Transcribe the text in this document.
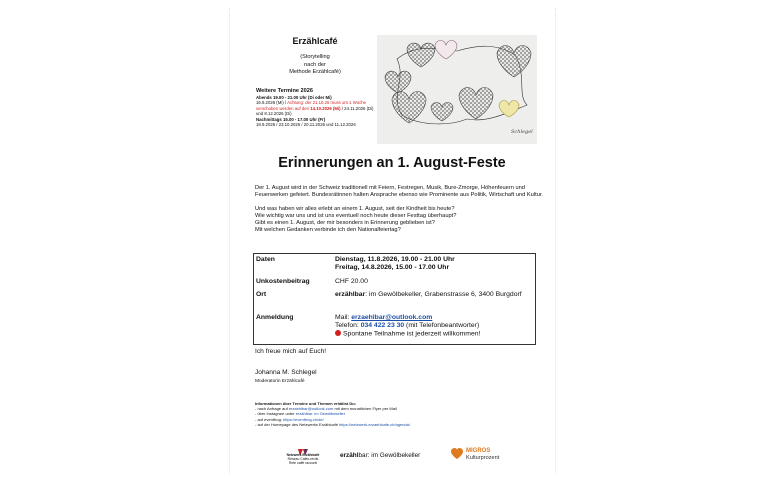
Erzählcafé
(Storytelling
nach der
Methode Erzählcafé)
Weitere Termine 2026
Abends 19.00 - 21.00 Uhr (Di oder Mi)
16.9.2026 (Mi) / Achtung: der 21.10.26 muss um 1 Woche verschoben werden auf den 14.10.2026 (Mi) / 24.11.2026 (Di) und 8.12.2026 (Di)
Nachmittags 15.00 - 17.00 Uhr (Fr)
18.9.2026 / 23.10.2026 / 20.11.2026 und 11.12.2026
Schlegel
Erinnerungen an 1. August-Feste

Der 1. August wird in der Schweiz traditionell mit Feiern, Festregen, Musik, Bure-Zmorge, Höhenfeuern und Feuerwerken gefeiert. Bundesrätinnen halten Ansprache ebenso wie Prominente aus Politik, Wirtschaft und Kultur.

Und was haben wir alles erlebt an einem 1. August, seit der Kindheit bis heute?
Wie wichtig war uns und ist uns eventuell noch heute dieser Festtag überhaupt?
Gibt es einen 1. August, der mir besonders in Erinnerung geblieben ist?
Mit welchen Gedanken verbinde ich den Nationalfeiertag?

Daten	Dienstag, 11.8.2026, 19.00 - 21.00 Uhr
Freitag, 14.8.2026, 15.00 - 17.00 Uhr
Unkostenbeitrag	CHF 20.00
Ort	erzählbar: im Gewölbekeller, Grabenstrasse 6, 3400 Burgdorf
Anmeldung	Mail: erzaehlbar@outlook.com
Telefon: 034 422 23 30 (mit Telefonbeantworter)
Spontane Teilnahme ist jederzeit willkommen!
Ich freue mich auf Euch!
Johanna M. Schlegel
Moderatorin Erzählcafé
Informationen über Termine und Themen erhältst Du:
- nach Anfrage auf erzaehlbar@outlook.com mit dem monatlichen Flyer per Mail
- über Instagram unter erzählbar. im Gewölbekeller
- auf eventfrog: https://eventfrog.ch/de/
- auf der Homepage des Netzwerks Erzählcafé https://netzwerk-erzaehlcafe.ch/agenda/
Netzwerk Erzählcafé
Réseau Cafés-récits
Rete caffè racconti
erzählbar: im Gewölbekeller
MIGROS
Kulturprozent
